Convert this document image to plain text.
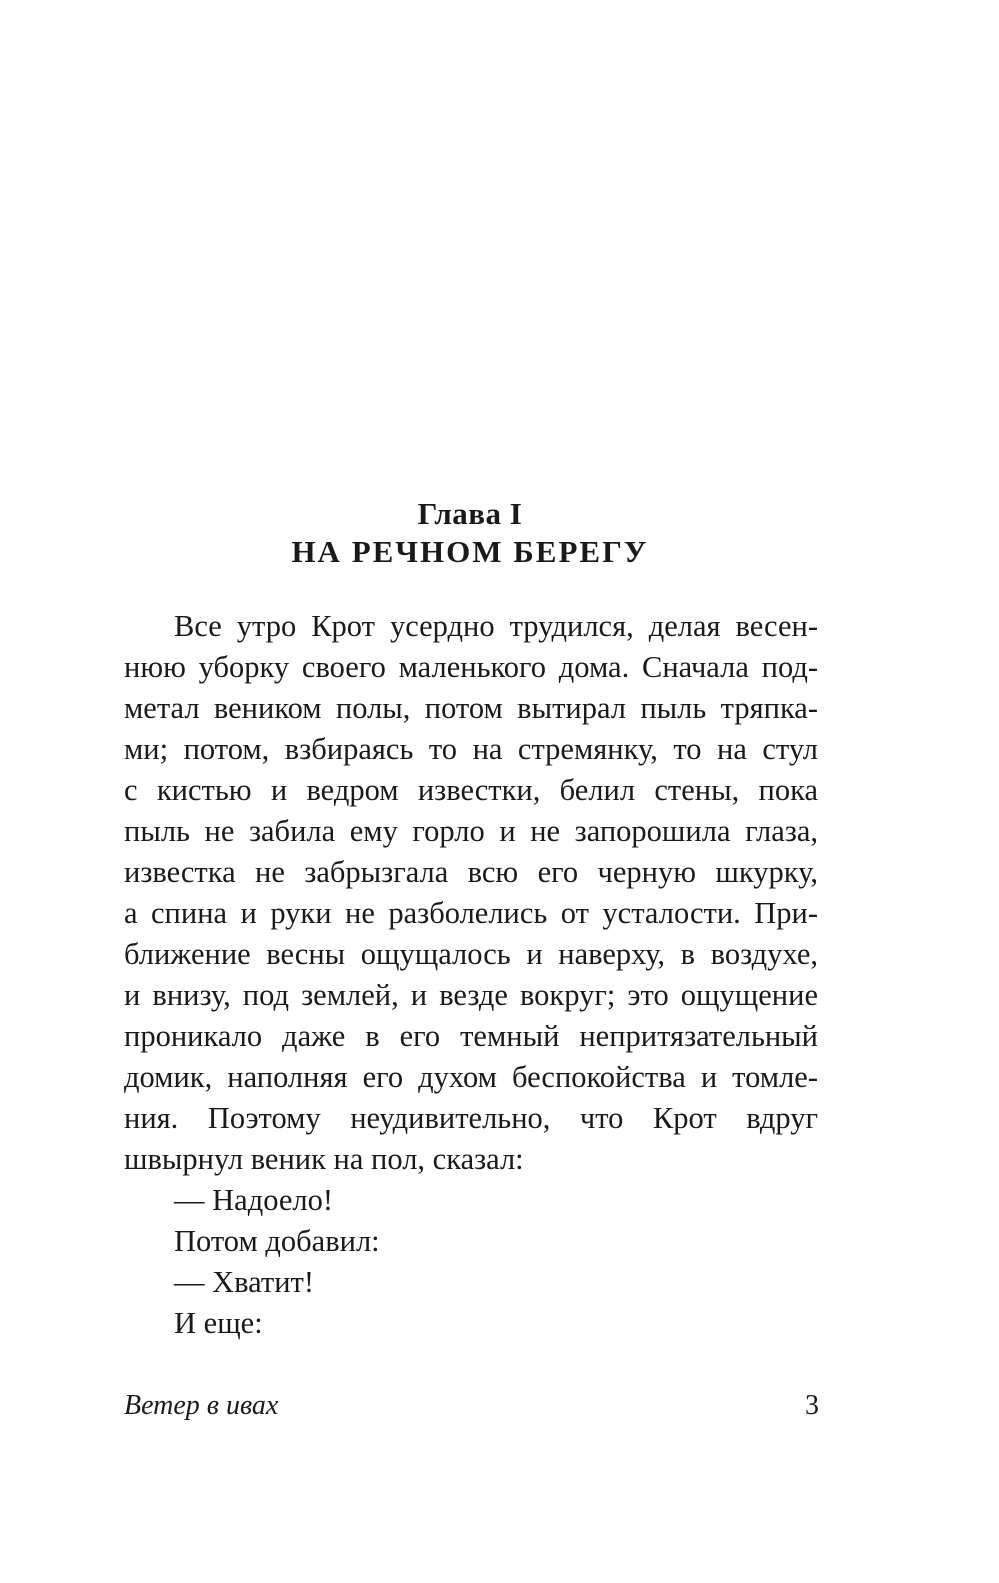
Глава I
НА РЕЧНОМ БЕРЕГУ
Все утро Крот усердно трудился, делая весен-
нюю уборку своего маленького дома. Сначала под-
метал веником полы, потом вытирал пыль тряпка-
ми; потом, взбираясь то на стремянку, то на стул
с кистью и ведром известки, белил стены, пока
пыль не забила ему горло и не запорошила глаза,
известка не забрызгала всю его черную шкурку,
а спина и руки не разболелись от усталости. При-
ближение весны ощущалось и наверху, в воздухе,
и внизу, под землей, и везде вокруг; это ощущение
проникало даже в его темный непритязательный
домик, наполняя его духом беспокойства и томле-
ния. Поэтому неудивительно, что Крот вдруг
швырнул веник на пол, сказал:
— Надоело!
Потом добавил:
— Хватит!
И еще:
Ветер в ивах	3
